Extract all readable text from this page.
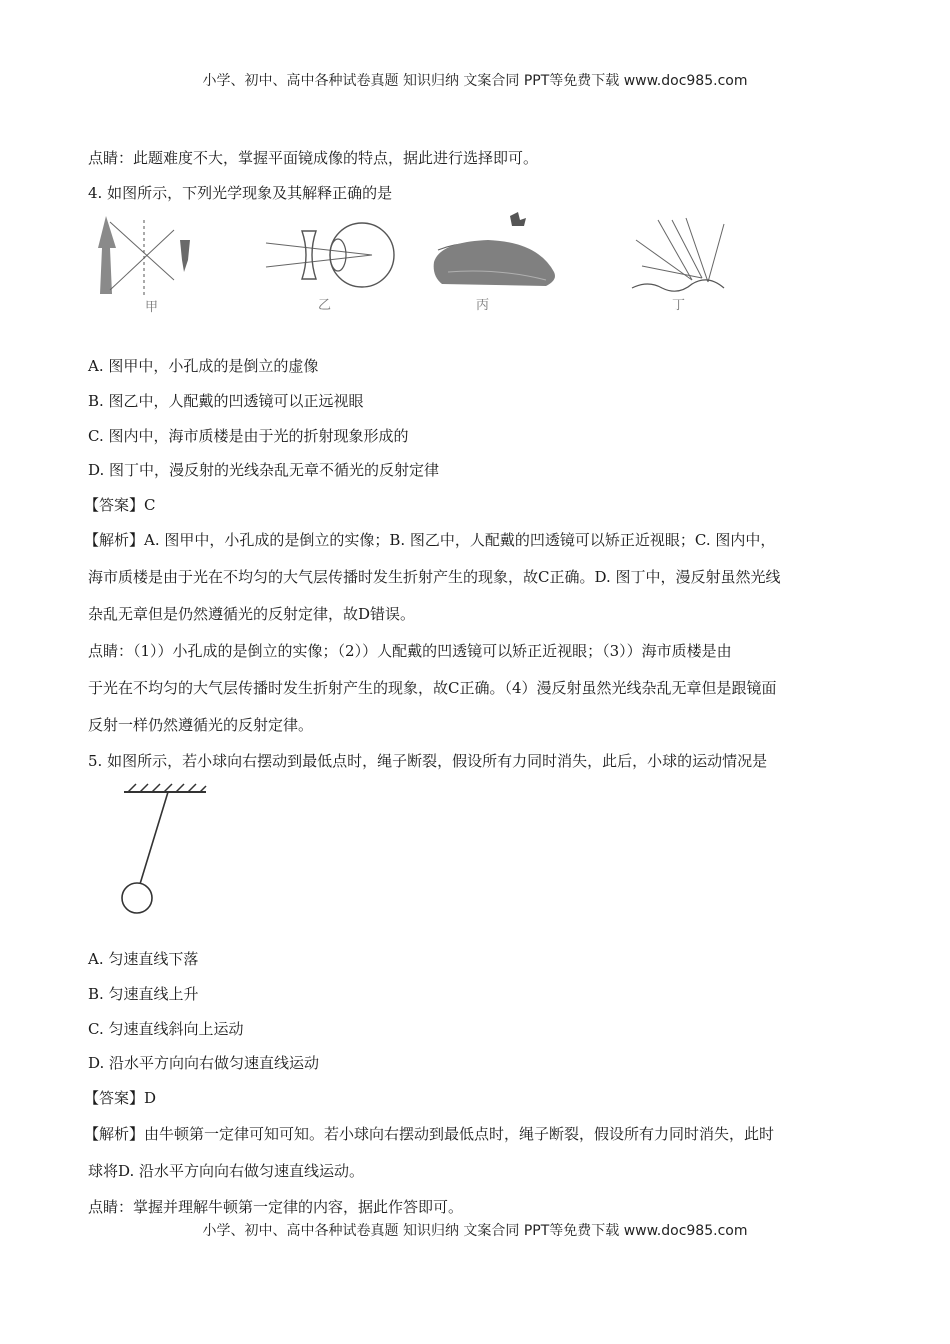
小学、初中、高中各种试卷真题 知识归纳 文案合同 PPT等免费下载 www.doc985.com
点睛：此题难度不大，掌握平面镜成像的特点，据此进行选择即可。
4. 如图所示，下列光学现象及其解释正确的是
甲	乙	丙	丁
A. 图甲中，小孔成的是倒立的虚像
B. 图乙中，人配戴的凹透镜可以正远视眼
C. 图内中，海市质楼是由于光的折射现象形成的
D. 图丁中，漫反射的光线杂乱无章不循光的反射定律
【答案】C
【解析】A. 图甲中，小孔成的是倒立的实像；B. 图乙中，人配戴的凹透镜可以矫正近视眼；C. 图内中，
海市质楼是由于光在不均匀的大气层传播时发生折射产生的现象，故C正确。D. 图丁中，漫反射虽然光线
杂乱无章但是仍然遵循光的反射定律，故D错误。
点睛：（1））小孔成的是倒立的实像；（2））人配戴的凹透镜可以矫正近视眼；（3））海市质楼是由
于光在不均匀的大气层传播时发生折射产生的现象，故C正确。（4）漫反射虽然光线杂乱无章但是跟镜面
反射一样仍然遵循光的反射定律。
5. 如图所示，若小球向右摆动到最低点时，绳子断裂，假设所有力同时消失，此后，小球的运动情况是
A. 匀速直线下落
B. 匀速直线上升
C. 匀速直线斜向上运动
D. 沿水平方向向右做匀速直线运动
【答案】D
【解析】由牛顿第一定律可知可知。若小球向右摆动到最低点时，绳子断裂，假设所有力同时消失，此时
球将D. 沿水平方向向右做匀速直线运动。
点睛：掌握并理解牛顿第一定律的内容，据此作答即可。
小学、初中、高中各种试卷真题 知识归纳 文案合同 PPT等免费下载 www.doc985.com
